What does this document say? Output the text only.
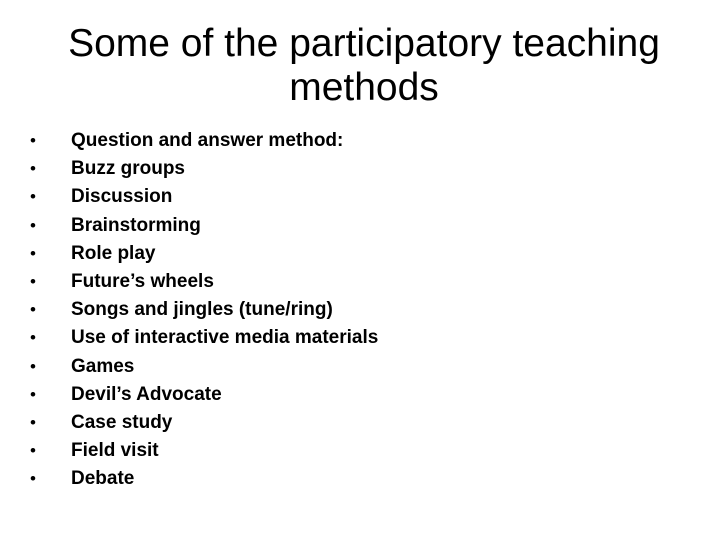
Some of the participatory teaching
methods
• Question and answer method:
• Buzz groups
• Discussion
• Brainstorming
• Role play
• Future’s wheels
• Songs and jingles (tune/ring)
• Use of interactive media materials
• Games
• Devil’s Advocate
• Case study
• Field visit
• Debate
